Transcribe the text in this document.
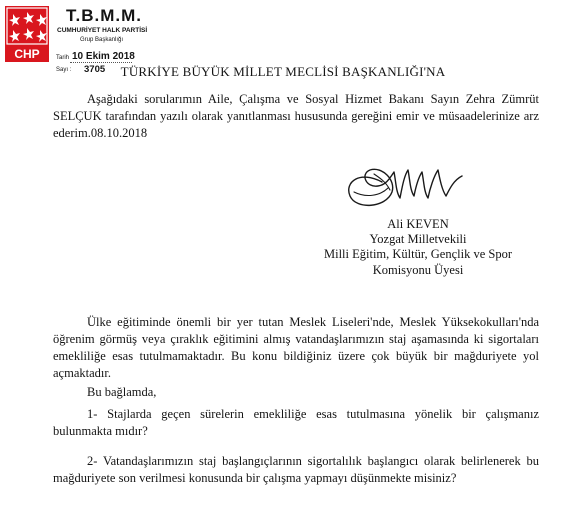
CHP
T.B.M.M.
CUMHURİYET HALK PARTİSİ
Grup Başkanlığı
Tarih 10 Ekim 2018
Sayı : 3705	TÜRKİYE BÜYÜK MİLLET MECLİSİ BAŞKANLIĞI'NA
Aşağıdaki sorularımın Aile, Çalışma ve Sosyal Hizmet Bakanı Sayın Zehra Zümrüt SELÇUK tarafından yazılı olarak yanıtlanması hususunda gereğini emir ve müsaadelerinize arz ederim.08.10.2018
Ali KEVEN
Yozgat Milletvekili
Milli Eğitim, Kültür, Gençlik ve Spor
Komisyonu Üyesi
Ülke eğitiminde önemli bir yer tutan Meslek Liseleri'nde, Meslek Yüksekokulları'nda öğrenim görmüş veya çıraklık eğitimini almış vatandaşlarımızın staj aşamasında ki sigortaları emekliliğe esas tutulmamaktadır. Bu konu bildiğiniz üzere çok büyük bir mağduriyete yol açmaktadır.
Bu bağlamda,
1- Stajlarda geçen sürelerin emekliliğe esas tutulmasına yönelik bir çalışmanız bulunmakta mıdır?
2- Vatandaşlarımızın staj başlangıçlarının sigortalılık başlangıcı olarak belirlenerek bu mağduriyete son verilmesi konusunda bir çalışma yapmayı düşünmekte misiniz?
